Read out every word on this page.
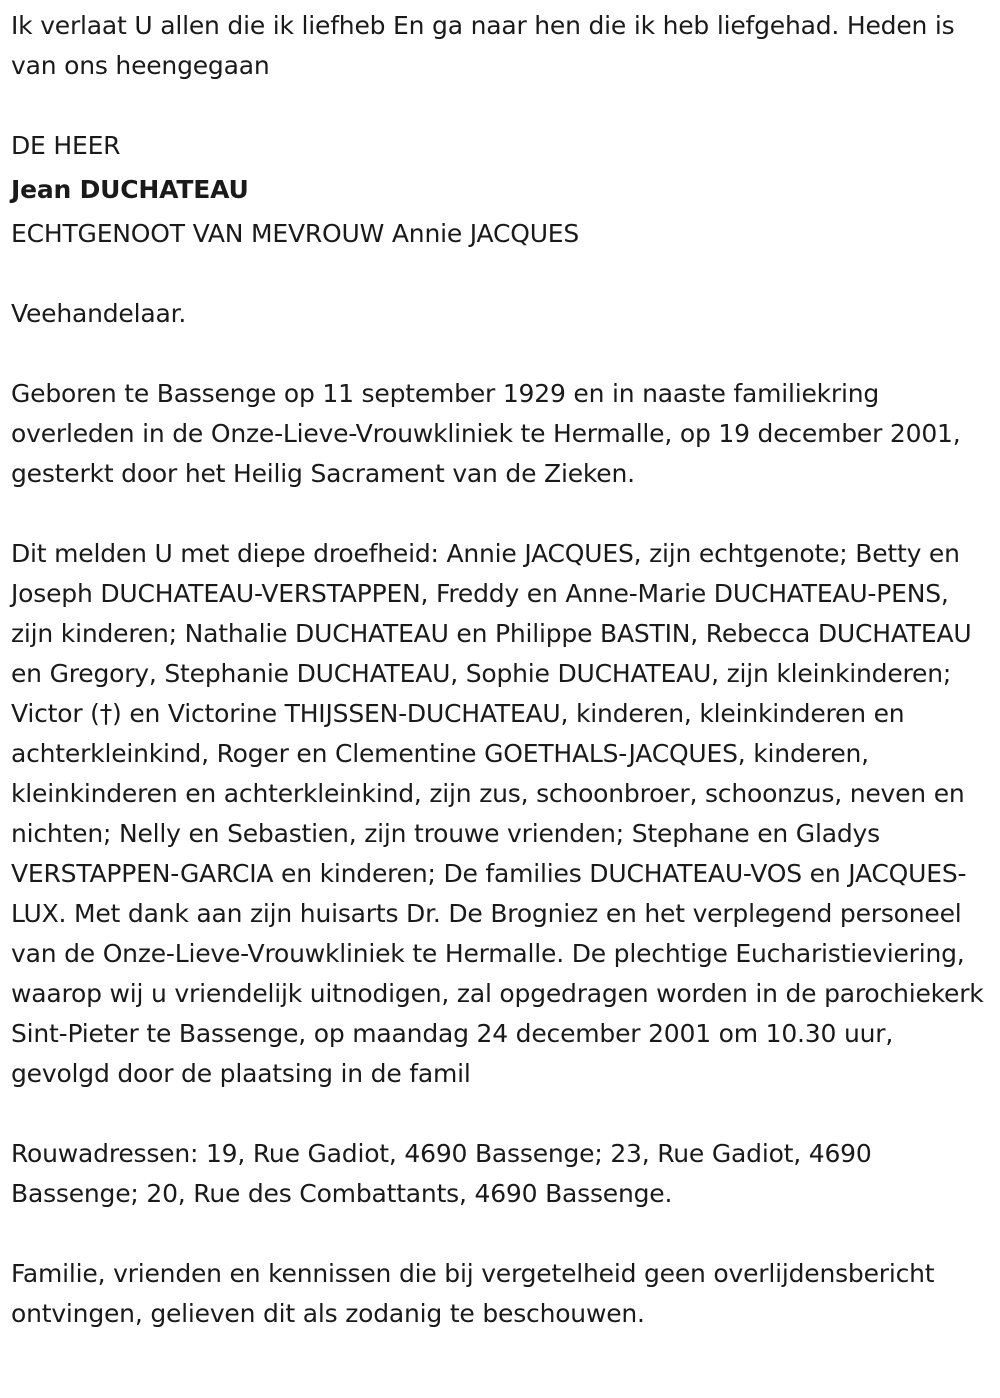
Ik verlaat U allen die ik liefheb En ga naar hen die ik heb liefgehad. Heden is van ons heengegaan

DE HEER

Jean DUCHATEAU

ECHTGENOOT VAN MEVROUW Annie JACQUES

Veehandelaar.

Geboren te Bassenge op 11 september 1929 en in naaste familiekring overleden in de Onze-Lieve-Vrouwkliniek te Hermalle, op 19 december 2001, gesterkt door het Heilig Sacrament van de Zieken.

Dit melden U met diepe droefheid: Annie JACQUES, zijn echtgenote; Betty en Joseph DUCHATEAU-VERSTAPPEN, Freddy en Anne-Marie DUCHATEAU-PENS, zijn kinderen; Nathalie DUCHATEAU en Philippe BASTIN, Rebecca DUCHATEAU en Gregory, Stephanie DUCHATEAU, Sophie DUCHATEAU, zijn kleinkinderen; Victor (†) en Victorine THIJSSEN-DUCHATEAU, kinderen, kleinkinderen en achterkleinkind, Roger en Clementine GOETHALS-JACQUES, kinderen, kleinkinderen en achterkleinkind, zijn zus, schoonbroer, schoonzus, neven en nichten; Nelly en Sebastien, zijn trouwe vrienden; Stephane en Gladys VERSTAPPEN-GARCIA en kinderen; De families DUCHATEAU-VOS en JACQUES-LUX. Met dank aan zijn huisarts Dr. De Brogniez en het verplegend personeel van de Onze-Lieve-Vrouwkliniek te Hermalle. De plechtige Eucharistieviering, waarop wij u vriendelijk uitnodigen, zal opgedragen worden in de parochiekerk Sint-Pieter te Bassenge, op maandag 24 december 2001 om 10.30 uur, gevolgd door de plaatsing in de famil

Rouwadressen: 19, Rue Gadiot, 4690 Bassenge; 23, Rue Gadiot, 4690 Bassenge; 20, Rue des Combattants, 4690 Bassenge.

Familie, vrienden en kennissen die bij vergetelheid geen overlijdensbericht ontvingen, gelieven dit als zodanig te beschouwen.
